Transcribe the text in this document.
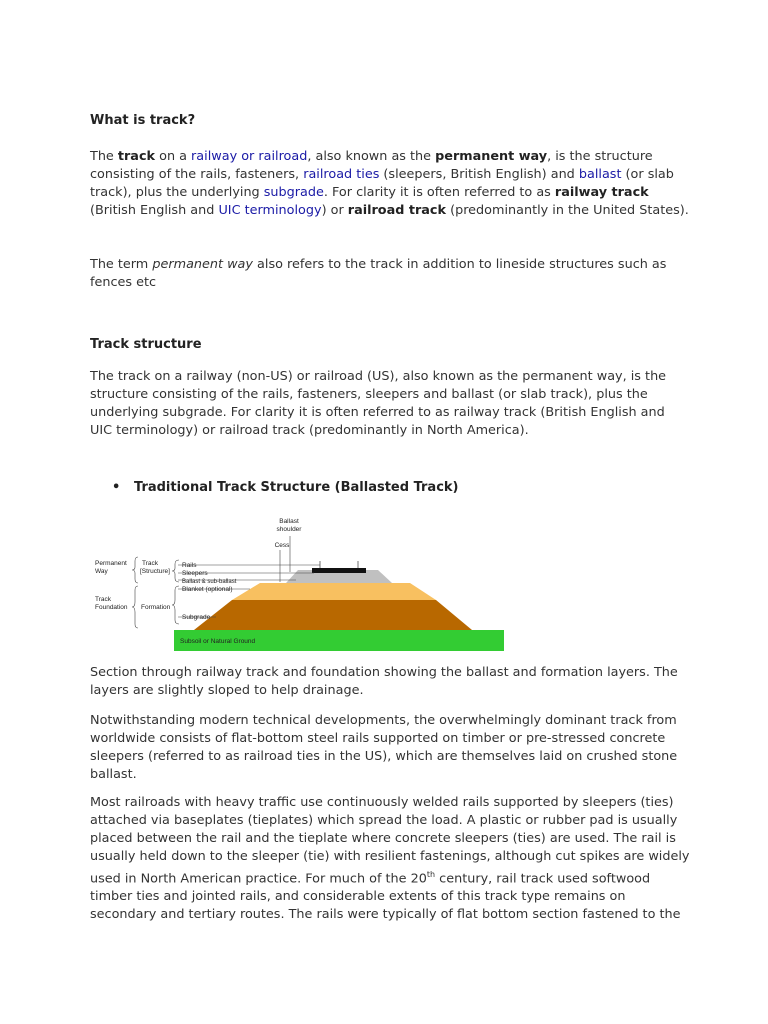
What is track?

The track on a railway or railroad, also known as the permanent way, is the structure consisting of the rails, fasteners, railroad ties (sleepers, British English) and ballast (or slab track), plus the underlying subgrade. For clarity it is often referred to as railway track (British English and UIC terminology) or railroad track (predominantly in the United States).

The term permanent way also refers to the track in addition to lineside structures such as fences etc

Track structure

The track on a railway (non-US) or railroad (US), also known as the permanent way, is the structure consisting of the rails, fasteners, sleepers and ballast (or slab track), plus the underlying subgrade. For clarity it is often referred to as railway track (British English and UIC terminology) or railroad track (predominantly in North America).

• Traditional Track Structure (Ballasted Track)
Ballast
shoulder
Cess
Permanent
Way
Track
[Structure]
Track
Foundation Formation
Rails
Sleepers
Ballast & sub-ballast
Blanket (optional)
Subgrade
Subsoil or Natural Ground

Section through railway track and foundation showing the ballast and formation layers. The layers are slightly sloped to help drainage.

Notwithstanding modern technical developments, the overwhelmingly dominant track from worldwide consists of flat-bottom steel rails supported on timber or pre-stressed concrete sleepers (referred to as railroad ties in the US), which are themselves laid on crushed stone ballast.

Most railroads with heavy traffic use continuously welded rails supported by sleepers (ties) attached via baseplates (tieplates) which spread the load. A plastic or rubber pad is usually placed between the rail and the tieplate where concrete sleepers (ties) are used. The rail is usually held down to the sleeper (tie) with resilient fastenings, although cut spikes are widely used in North American practice. For much of the 20th century, rail track used softwood timber ties and jointed rails, and considerable extents of this track type remains on secondary and tertiary routes. The rails were typically of flat bottom section fastened to the
